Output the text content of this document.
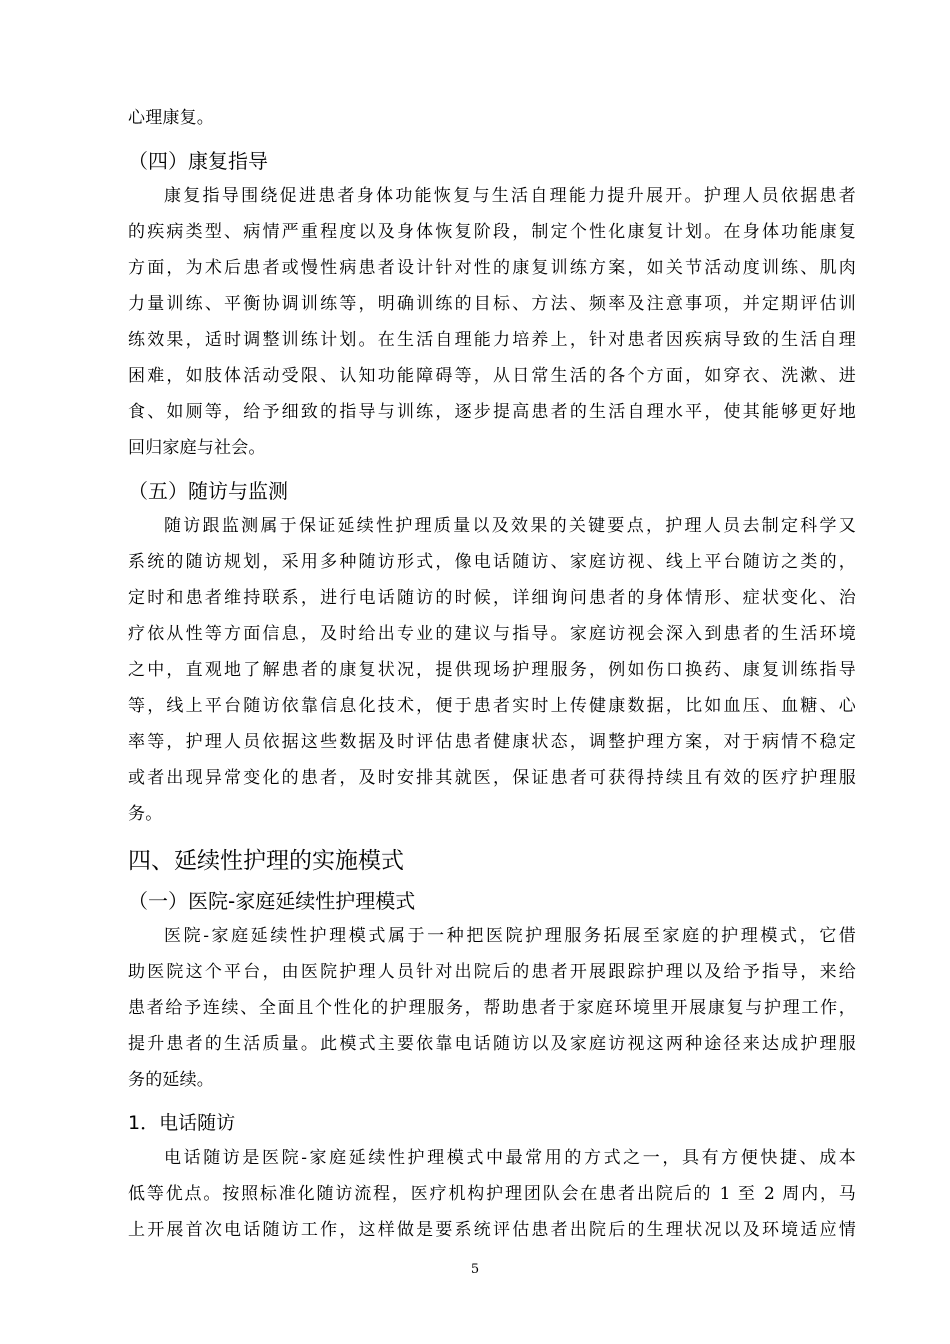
心理康复。
（四）康复指导
康复指导围绕促进患者身体功能恢复与生活自理能力提升展开。护理人员依据患者
的疾病类型、病情严重程度以及身体恢复阶段，制定个性化康复计划。在身体功能康复
方面，为术后患者或慢性病患者设计针对性的康复训练方案，如关节活动度训练、肌肉
力量训练、平衡协调训练等，明确训练的目标、方法、频率及注意事项，并定期评估训
练效果，适时调整训练计划。在生活自理能力培养上，针对患者因疾病导致的生活自理
困难，如肢体活动受限、认知功能障碍等，从日常生活的各个方面，如穿衣、洗漱、进
食、如厕等，给予细致的指导与训练，逐步提高患者的生活自理水平，使其能够更好地
回归家庭与社会。
（五）随访与监测
随访跟监测属于保证延续性护理质量以及效果的关键要点，护理人员去制定科学又
系统的随访规划，采用多种随访形式，像电话随访、家庭访视、线上平台随访之类的，
定时和患者维持联系，进行电话随访的时候，详细询问患者的身体情形、症状变化、治
疗依从性等方面信息，及时给出专业的建议与指导。家庭访视会深入到患者的生活环境
之中，直观地了解患者的康复状况，提供现场护理服务，例如伤口换药、康复训练指导
等，线上平台随访依靠信息化技术，便于患者实时上传健康数据，比如血压、血糖、心
率等，护理人员依据这些数据及时评估患者健康状态，调整护理方案，对于病情不稳定
或者出现异常变化的患者，及时安排其就医，保证患者可获得持续且有效的医疗护理服
务。
四、延续性护理的实施模式
（一）医院-家庭延续性护理模式
医院-家庭延续性护理模式属于一种把医院护理服务拓展至家庭的护理模式，它借
助医院这个平台，由医院护理人员针对出院后的患者开展跟踪护理以及给予指导，来给
患者给予连续、全面且个性化的护理服务，帮助患者于家庭环境里开展康复与护理工作，
提升患者的生活质量。此模式主要依靠电话随访以及家庭访视这两种途径来达成护理服
务的延续。
1．电话随访
电话随访是医院-家庭延续性护理模式中最常用的方式之一，具有方便快捷、成本
低等优点。按照标准化随访流程，医疗机构护理团队会在患者出院后的 1 至 2 周内，马
上开展首次电话随访工作，这样做是要系统评估患者出院后的生理状况以及环境适应情
5
